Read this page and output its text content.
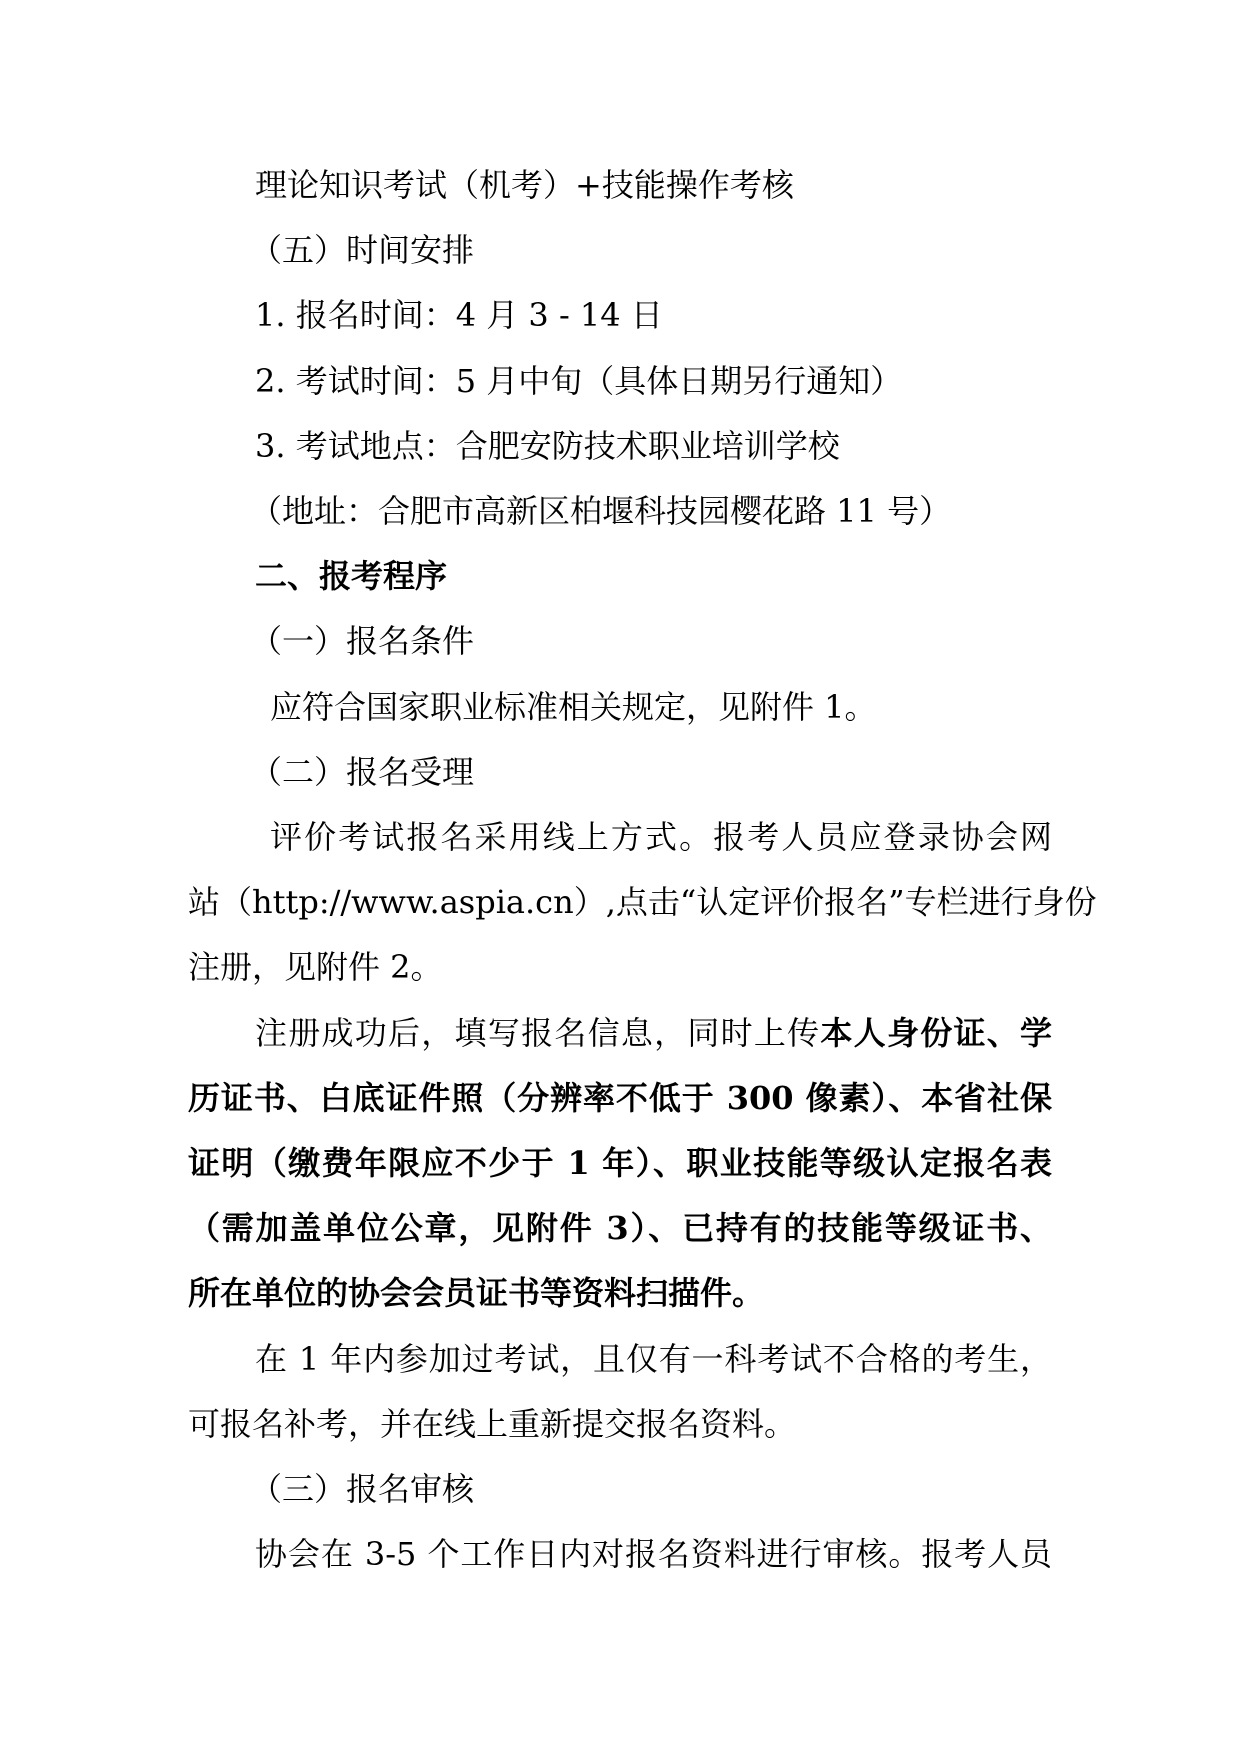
理论知识考试（机考）+技能操作考核
（五）时间安排
1. 报名时间：4 月 3 - 14 日
2. 考试时间：5 月中旬（具体日期另行通知）
3. 考试地点：合肥安防技术职业培训学校
（地址：合肥市高新区柏堰科技园樱花路 11 号）
二、报考程序
（一）报名条件
应符合国家职业标准相关规定，见附件 1。
（二）报名受理
评价考试报名采用线上方式。报考人员应登录协会网
站（http://www.aspia.cn）,点击“认定评价报名”专栏进行身份
注册，见附件 2。
注册成功后，填写报名信息，同时上传本人身份证、学
历证书、白底证件照（分辨率不低于 300 像素）、本省社保
证明（缴费年限应不少于 1 年）、职业技能等级认定报名表
（需加盖单位公章，见附件 3）、已持有的技能等级证书、
所在单位的协会会员证书等资料扫描件。
在 1 年内参加过考试，且仅有一科考试不合格的考生，
可报名补考，并在线上重新提交报名资料。
（三）报名审核
协会在 3-5 个工作日内对报名资料进行审核。报考人员
